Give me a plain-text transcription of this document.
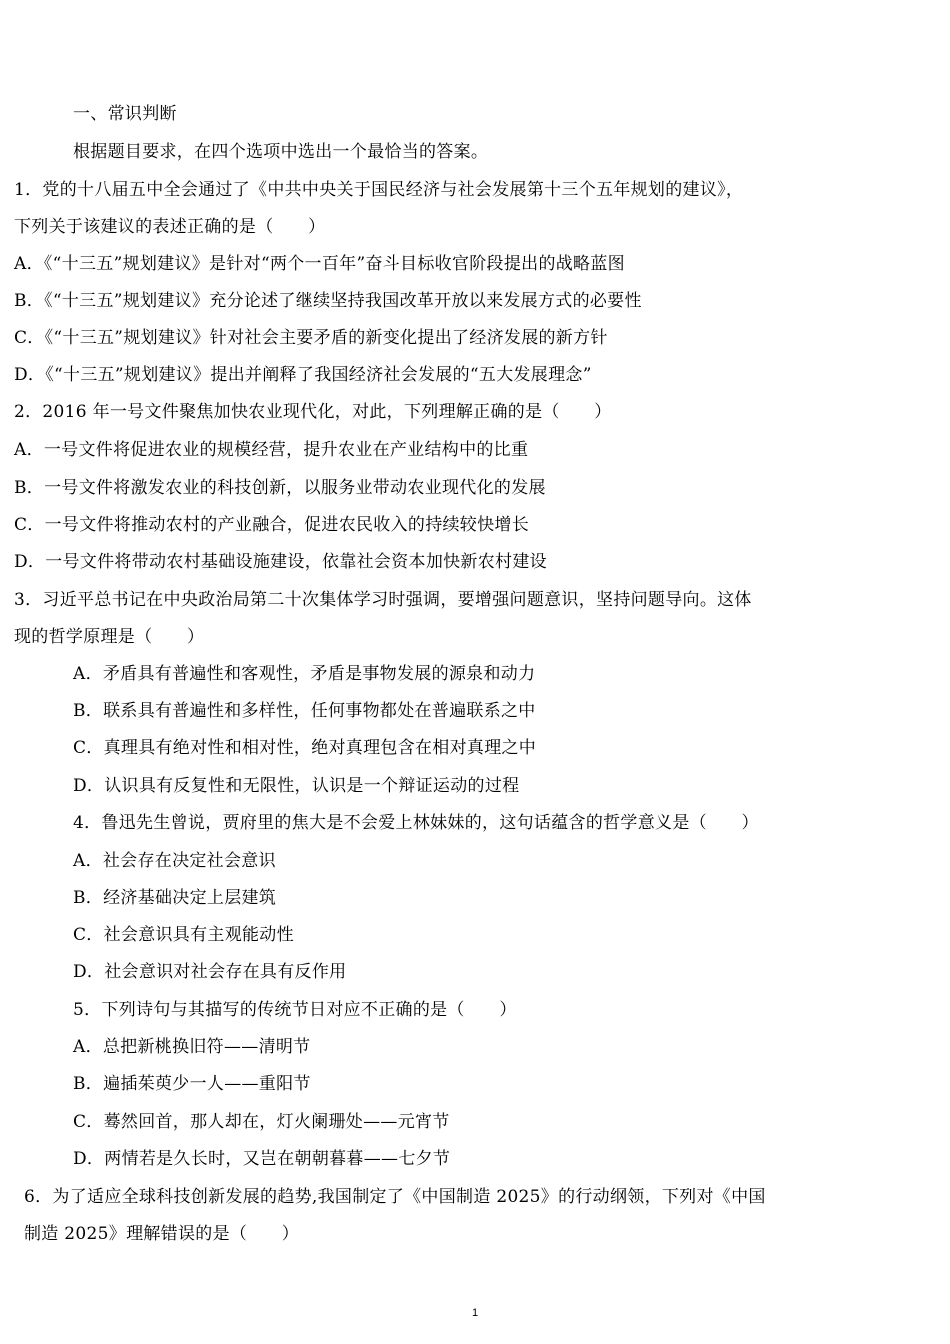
一、常识判断
根据题目要求，在四个选项中选出一个最恰当的答案。
1．党的十八届五中全会通过了《中共中央关于国民经济与社会发展第十三个五年规划的建议》，
下列关于该建议的表述正确的是（　　）
A．《“十三五”规划建议》是针对“两个一百年”奋斗目标收官阶段提出的战略蓝图
B．《“十三五”规划建议》充分论述了继续坚持我国改革开放以来发展方式的必要性
C．《“十三五”规划建议》针对社会主要矛盾的新变化提出了经济发展的新方针
D．《“十三五”规划建议》提出并阐释了我国经济社会发展的“五大发展理念”
2．2016 年一号文件聚焦加快农业现代化，对此，下列理解正确的是（　　）
A．一号文件将促进农业的规模经营，提升农业在产业结构中的比重
B．一号文件将激发农业的科技创新，以服务业带动农业现代化的发展
C．一号文件将推动农村的产业融合，促进农民收入的持续较快增长
D．一号文件将带动农村基础设施建设，依靠社会资本加快新农村建设
3．习近平总书记在中央政治局第二十次集体学习时强调，要增强问题意识，坚持问题导向。这体
现的哲学原理是（　　）
A．矛盾具有普遍性和客观性，矛盾是事物发展的源泉和动力
B．联系具有普遍性和多样性，任何事物都处在普遍联系之中
C．真理具有绝对性和相对性，绝对真理包含在相对真理之中
D．认识具有反复性和无限性，认识是一个辩证运动的过程
4．鲁迅先生曾说，贾府里的焦大是不会爱上林妹妹的，这句话蕴含的哲学意义是（　　）
A．社会存在决定社会意识
B．经济基础决定上层建筑
C．社会意识具有主观能动性
D．社会意识对社会存在具有反作用
5．下列诗句与其描写的传统节日对应不正确的是（　　）
A．总把新桃换旧符——清明节
B．遍插茱萸少一人——重阳节
C．蓦然回首，那人却在，灯火阑珊处——元宵节
D．两情若是久长时，又岂在朝朝暮暮——七夕节
6．为了适应全球科技创新发展的趋势,我国制定了《中国制造 2025》的行动纲领，下列对《中国
制造 2025》理解错误的是（　　）
1
